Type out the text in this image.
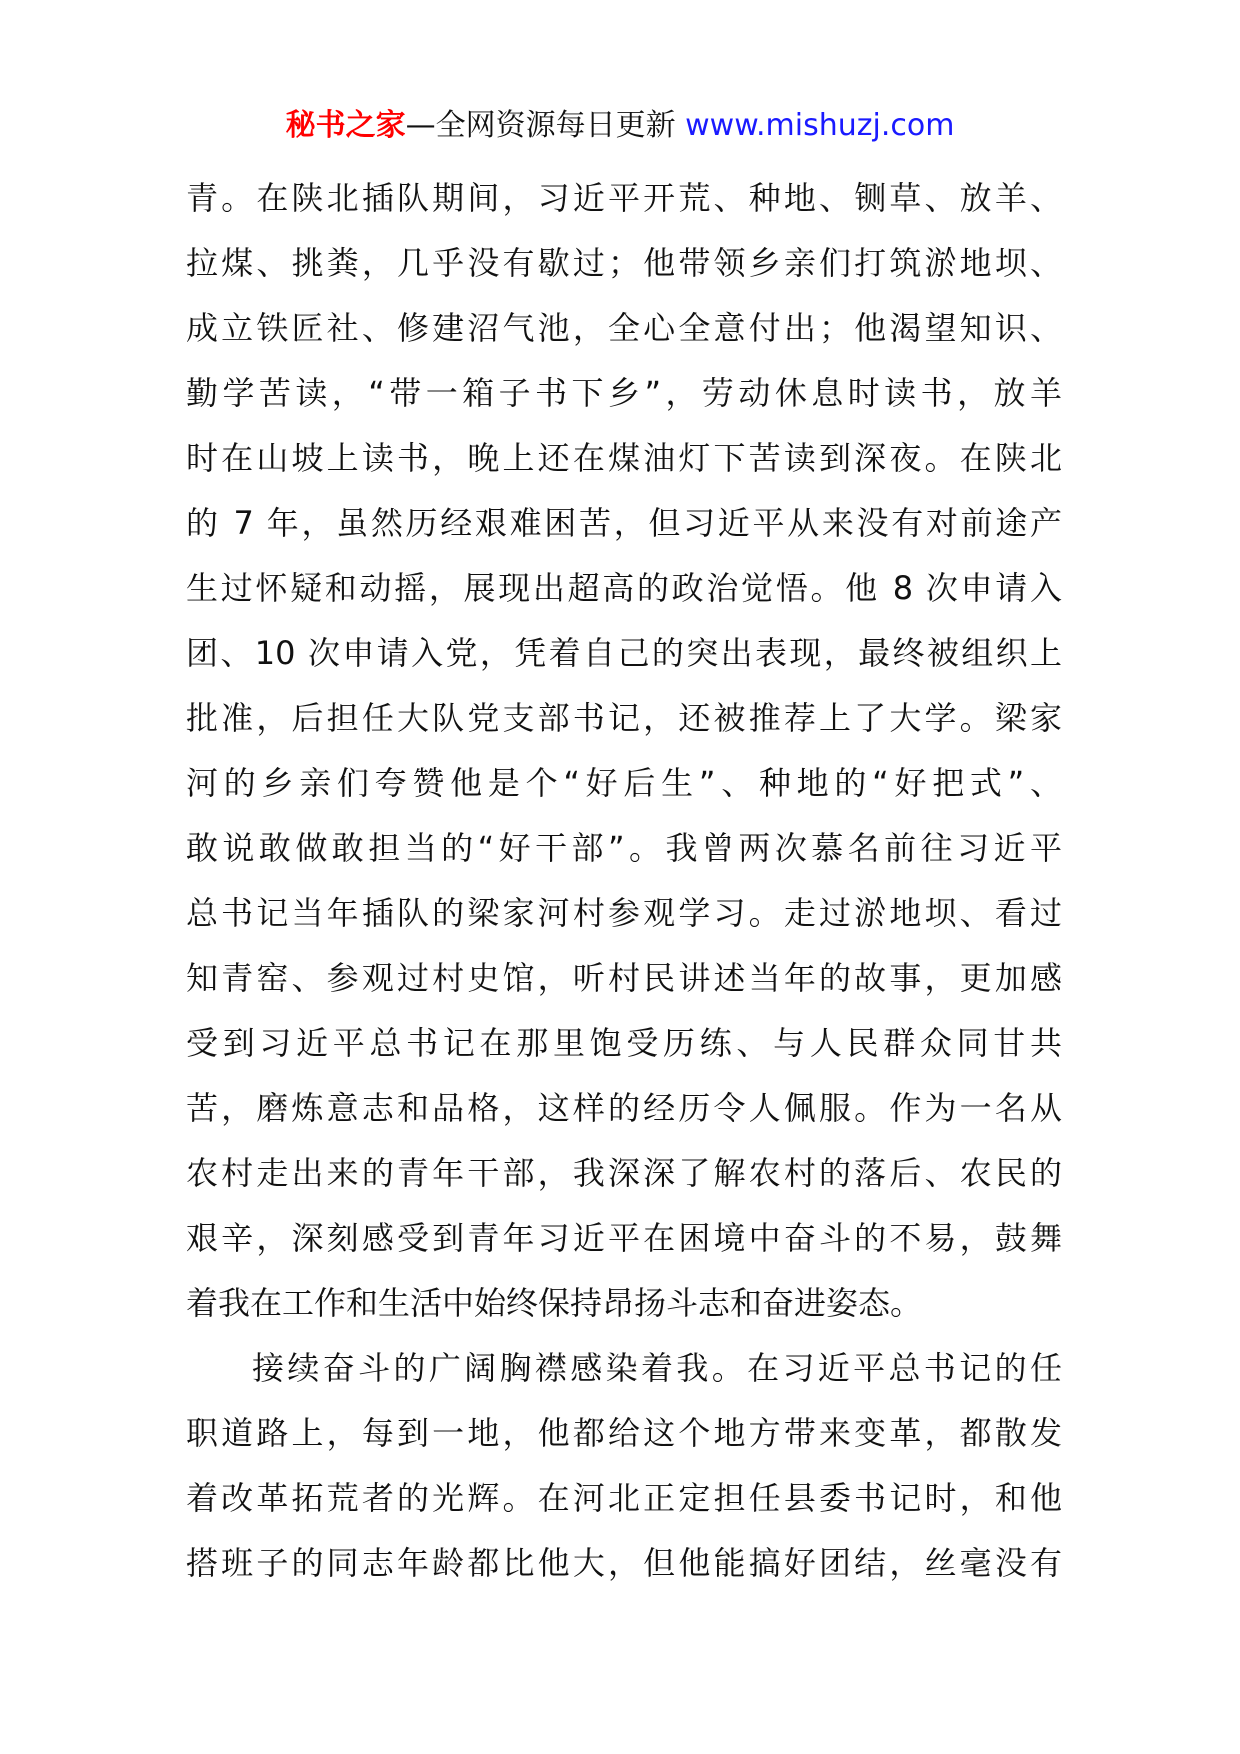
秘书之家—全网资源每日更新 www.mishuzj.com
青。在陕北插队期间，习近平开荒、种地、铡草、放羊、
拉煤、挑粪，几乎没有歇过；他带领乡亲们打筑淤地坝、
成立铁匠社、修建沼气池，全心全意付出；他渴望知识、
勤学苦读，“带一箱子书下乡”，劳动休息时读书，放羊
时在山坡上读书，晚上还在煤油灯下苦读到深夜。在陕北
的 7 年，虽然历经艰难困苦，但习近平从来没有对前途产
生过怀疑和动摇，展现出超高的政治觉悟。他 8 次申请入
团、10 次申请入党，凭着自己的突出表现，最终被组织上
批准，后担任大队党支部书记，还被推荐上了大学。梁家
河的乡亲们夸赞他是个“好后生”、种地的“好把式”、
敢说敢做敢担当的“好干部”。我曾两次慕名前往习近平
总书记当年插队的梁家河村参观学习。走过淤地坝、看过
知青窑、参观过村史馆，听村民讲述当年的故事，更加感
受到习近平总书记在那里饱受历练、与人民群众同甘共
苦，磨炼意志和品格，这样的经历令人佩服。作为一名从
农村走出来的青年干部，我深深了解农村的落后、农民的
艰辛，深刻感受到青年习近平在困境中奋斗的不易，鼓舞
着我在工作和生活中始终保持昂扬斗志和奋进姿态。
接续奋斗的广阔胸襟感染着我。在习近平总书记的任
职道路上，每到一地，他都给这个地方带来变革，都散发
着改革拓荒者的光辉。在河北正定担任县委书记时，和他
搭班子的同志年龄都比他大，但他能搞好团结，丝毫没有
